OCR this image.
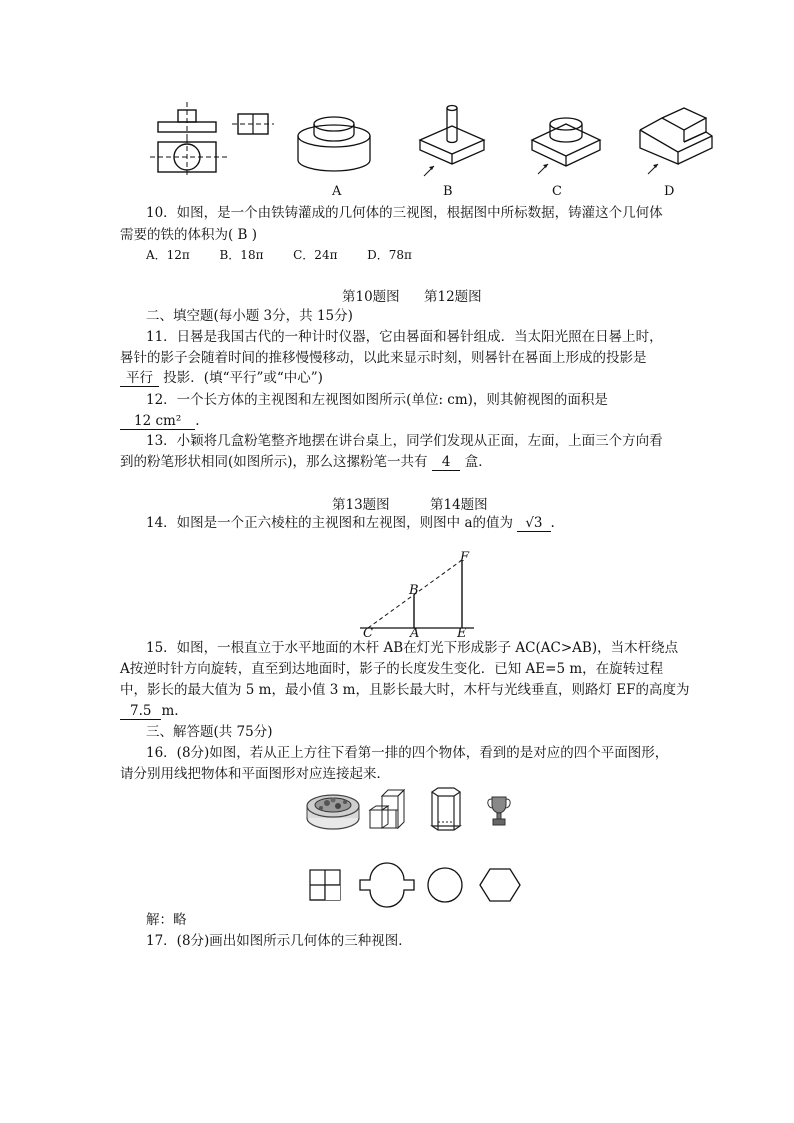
A	B	C	D
10．如图，是一个由铁铸灌成的几何体的三视图，根据图中所标数据，铸灌这个几何体
需要的铁的体积为( B )
A．12π B．18π C．24π D．78π
第10题图 第12题图
二、填空题(每小题 3分，共 15分)
11．日晷是我国古代的一种计时仪器，它由晷面和晷针组成．当太阳光照在日晷上时，
晷针的影子会随着时间的推移慢慢移动，以此来显示时刻，则晷针在晷面上形成的投影是
平行 投影．(填“平行”或“中心”)
12．一个长方体的主视图和左视图如图所示(单位: cm)，则其俯视图的面积是
12 cm² .
13．小颖将几盒粉笔整齐地摆在讲台桌上，同学们发现从正面，左面，上面三个方向看
到的粉笔形状相同(如图所示)，那么这摞粉笔一共有 4 盒．
第13题图	第14题图
14．如图是一个正六棱柱的主视图和左视图，则图中 a的值为 √3 .
F
B
C	A	E
15．如图，一根直立于水平地面的木杆 AB在灯光下形成影子 AC(AC>AB)，当木杆绕点
A按逆时针方向旋转，直至到达地面时，影子的长度发生变化．已知 AE=5 m，在旋转过程
中，影长的最大值为 5 m，最小值 3 m，且影长最大时，木杆与光线垂直，则路灯 EF的高度为
7.5 m.
三、解答题(共 75分)
16．(8分)如图，若从正上方往下看第一排的四个物体，看到的是对应的四个平面图形，
请分别用线把物体和平面图形对应连接起来．
解：略
17．(8分)画出如图所示几何体的三种视图．
